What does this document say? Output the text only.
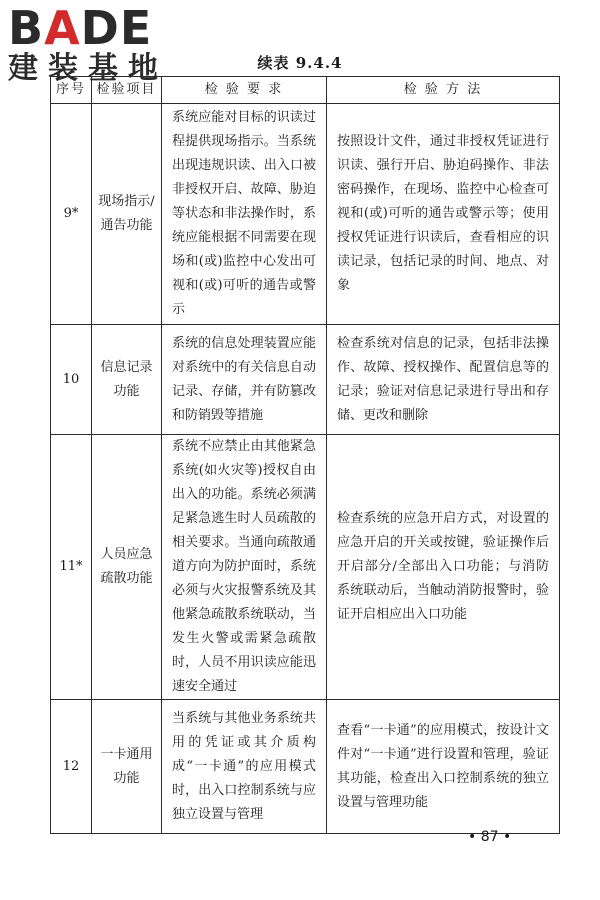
BADE
建装基地	续表 9.4.4
序号	检验项目	检 验 要 求	检 验 方 法
9*	现场指示/通告功能	系统应能对目标的识读过程提供现场指示。当系统出现违规识读、出入口被非授权开启、故障、胁迫等状态和非法操作时，系统应能根据不同需要在现场和(或)监控中心发出可视和(或)可听的通告或警示	按照设计文件，通过非授权凭证进行识读、强行开启、胁迫码操作、非法密码操作，在现场、监控中心检查可视和(或)可听的通告或警示等；使用授权凭证进行识读后，查看相应的识读记录，包括记录的时间、地点、对象
10	信息记录功能	系统的信息处理装置应能对系统中的有关信息自动记录、存储，并有防篡改和防销毁等措施	检查系统对信息的记录，包括非法操作、故障、授权操作、配置信息等的记录；验证对信息记录进行导出和存储、更改和删除
11*	人员应急疏散功能	系统不应禁止由其他紧急系统(如火灾等)授权自由出入的功能。系统必须满足紧急逃生时人员疏散的相关要求。当通向疏散通道方向为防护面时，系统必须与火灾报警系统及其他紧急疏散系统联动，当发生火警或需紧急疏散时，人员不用识读应能迅速安全通过	检查系统的应急开启方式，对设置的应急开启的开关或按键，验证操作后开启部分/全部出入口功能；与消防系统联动后，当触动消防报警时，验证开启相应出入口功能
12	一卡通用功能	当系统与其他业务系统共用的凭证或其介质构成“一卡通”的应用模式时，出入口控制系统与应独立设置与管理	查看“一卡通”的应用模式，按设计文件对“一卡通”进行设置和管理，验证其功能，检查出入口控制系统的独立设置与管理功能
• 87 •
